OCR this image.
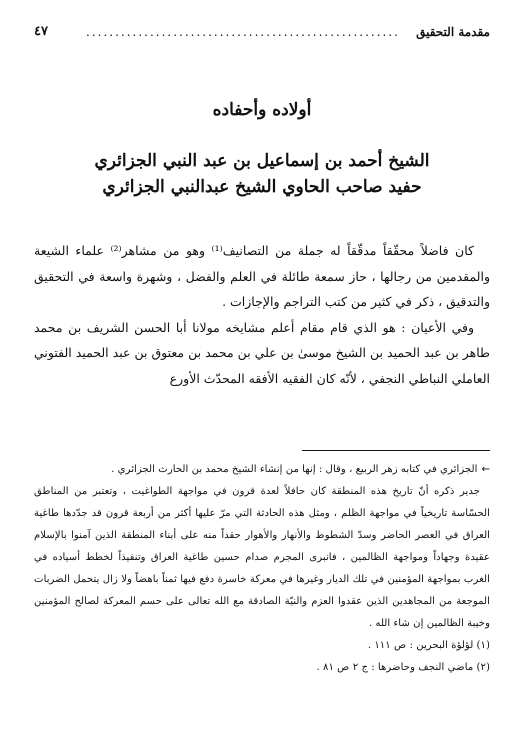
مقدمة التحقيق
......................................................
٤٧
أولاده وأحفاده
الشيخ أحمد بن إسماعيل بن عبد النبي الجزائري
حفيد صاحب الحاوي الشيخ عبدالنبي الجزائري

كان فاضلاً محقّقاً مدقّقاً له جملة من التصانيف⁽¹⁾ وهو من مشاهر⁽²⁾ علماء الشيعة والمقدمين من رجالها ، حاز سمعة طائلة في العلم والفضل ، وشهرة واسعة في التحقيق والتدقيق ، ذكر في كثير من كتب التراجم والإجازات .

وفي الأعيان : هو الذي قام مقام أعلم مشايخه مولانا أبا الحسن الشريف بن محمد طاهر بن عبد الحميد بن الشيخ موسىٰ بن علي بن محمد بن معتوق بن عبد الحميد الفتوني العاملي النباطي النجفي ، لأنّه كان الفقيه الأفقه المحدّث الأورع

←الجزائري في كتابه زهر الربيع ، وقال : إنها من إنشاء الشيخ محمد بن الحارث الجزائري .

جدير ذكره أنّ تاريخ هذه المنطقة كان حافلاً لعدة قرون في مواجهة الطواغيت ، وتعتبر من المناطق الحسّاسة تاريخياً في مواجهة الظلم ، ومثل هذه الحادثة التي مرّ عليها أكثر من أربعة قرون قد جدّدها طاغية العراق في العصر الحاضر وسدّ الشطوط والأنهار والأهوار حقداً منه على أبناء المنطقة الذين آمنوا بالإسلام عقيدة وجهاداً ومواجهة الظالمين ، فانبرى المجرم صدام حسين طاغية العراق وتنفيذاً لخطط أسياده في الغرب بمواجهة المؤمنين في تلك الديار وغيرها في معركة خاسرة دفع فيها ثمناً باهضاً ولا زال يتحمل الضربات الموجعة من المجاهدين الذين عقدوا العزم والنيّة الصادقة مع الله تعالى على حسم المعركة لصالح المؤمنين وخيبة الظالمين إن شاء الله .

(١) لؤلؤة البحرين : ص ١١١ .

(٢) ماضي النجف وحاضرها : ج ٢ ص ٨١ .
